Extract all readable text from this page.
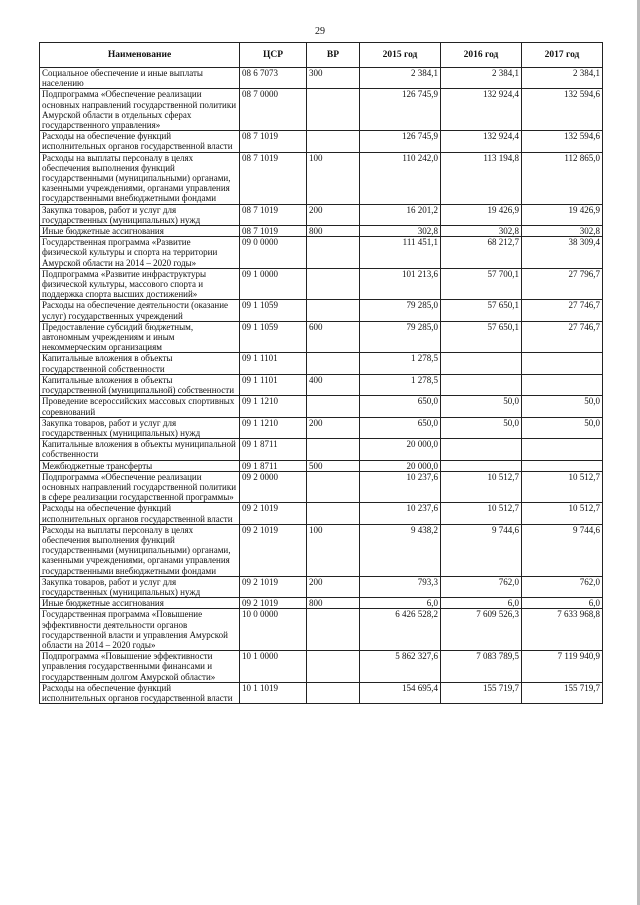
29
Наименование	ЦСР	ВР	2015 год	2016 год	2017 год
Социальное обеспечение и иные выплаты населению	08 6 7073	300	2 384,1	2 384,1	2 384,1
Подпрограмма «Обеспечение реализации основных направлений государственной политики Амурской области в отдельных сферах государственного управления»	08 7 0000		126 745,9	132 924,4	132 594,6
Расходы на обеспечение функций исполнительных органов государственной власти	08 7 1019		126 745,9	132 924,4	132 594,6
Расходы на выплаты персоналу в целях обеспечения выполнения функций государственными (муниципальными) органами, казенными учреждениями, органами управления государственными внебюджетными фондами	08 7 1019	100	110 242,0	113 194,8	112 865,0
Закупка товаров, работ и услуг для государственных (муниципальных) нужд	08 7 1019	200	16 201,2	19 426,9	19 426,9
Иные бюджетные ассигнования	08 7 1019	800	302,8	302,8	302,8
Государственная программа «Развитие физической культуры и спорта на территории Амурской области на 2014 – 2020 годы»	09 0 0000		111 451,1	68 212,7	38 309,4
Подпрограмма «Развитие инфраструктуры физической культуры, массового спорта и поддержка спорта высших достижений»	09 1 0000		101 213,6	57 700,1	27 796,7
Расходы на обеспечение деятельности (оказание услуг) государственных учреждений	09 1 1059		79 285,0	57 650,1	27 746,7
Предоставление субсидий бюджетным, автономным учреждениям и иным некоммерческим организациям	09 1 1059	600	79 285,0	57 650,1	27 746,7
Капитальные вложения в объекты государственной собственности	09 1 1101		1 278,5		
Капитальные вложения в объекты государственной (муниципальной) собственности	09 1 1101	400	1 278,5		
Проведение всероссийских массовых спортивных соревнований	09 1 1210		650,0	50,0	50,0
Закупка товаров, работ и услуг для государственных (муниципальных) нужд	09 1 1210	200	650,0	50,0	50,0
Капитальные вложения в объекты муниципальной собственности	09 1 8711		20 000,0		
Межбюджетные трансферты	09 1 8711	500	20 000,0		
Подпрограмма «Обеспечение реализации основных направлений государственной политики в сфере реализации государственной программы»	09 2 0000		10 237,6	10 512,7	10 512,7
Расходы на обеспечение функций исполнительных органов государственной власти	09 2 1019		10 237,6	10 512,7	10 512,7
Расходы на выплаты персоналу в целях обеспечения выполнения функций государственными (муниципальными) органами, казенными учреждениями, органами управления государственными внебюджетными фондами	09 2 1019	100	9 438,2	9 744,6	9 744,6
Закупка товаров, работ и услуг для государственных (муниципальных) нужд	09 2 1019	200	793,3	762,0	762,0
Иные бюджетные ассигнования	09 2 1019	800	6,0	6,0	6,0
Государственная программа «Повышение эффективности деятельности органов государственной власти и управления Амурской области на 2014 – 2020 годы»	10 0 0000		6 426 528,2	7 609 526,3	7 633 968,8
Подпрограмма «Повышение эффективности управления государственными финансами и государственным долгом Амурской области»	10 1 0000		5 862 327,6	7 083 789,5	7 119 940,9
Расходы на обеспечение функций исполнительных органов государственной власти	10 1 1019		154 695,4	155 719,7	155 719,7
